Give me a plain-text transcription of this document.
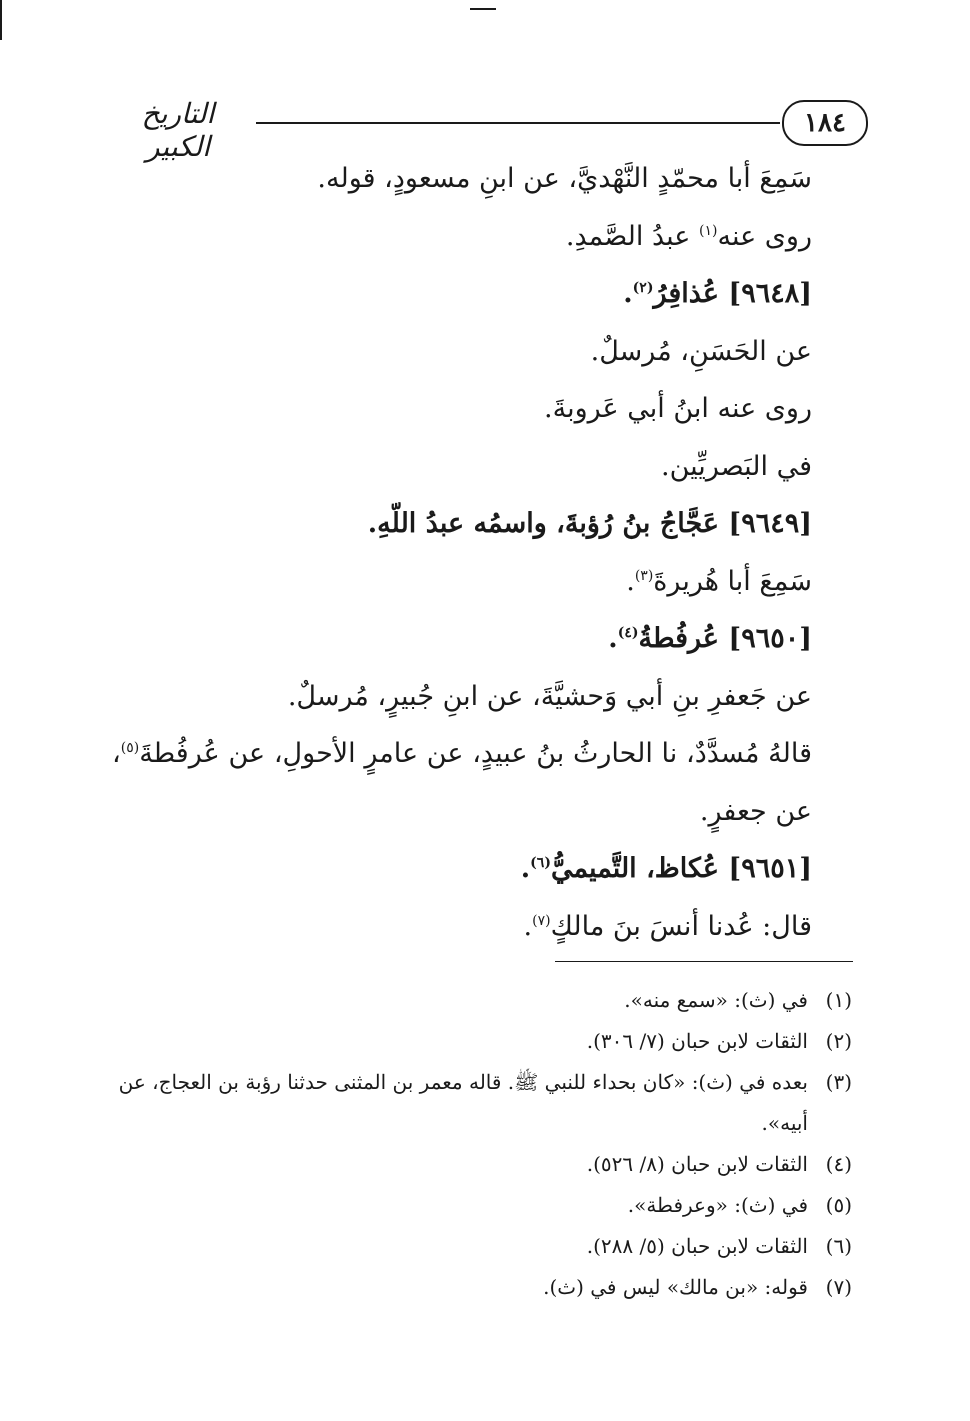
١٨٤
التاريخ الكبير
سَمِعَ أبا محمّدٍ النَّهْديَّ، عن ابنِ مسعودٍ، قوله.
روى عنه$^{(١)}$ عبدُ الصَّمدِ.
[٩٦٤٨] عُذافِرُ$^{(٢)}$.
عن الحَسَنِ، مُرسلٌ.
روى عنه ابنُ أبي عَروبةَ.
في البَصريِّين.
[٩٦٤٩] عَجَّاجُ بنُ رُؤبةَ، واسمُه عبدُ اللّهِ.
سَمِعَ أبا هُريرةَ$^{(٣)}$.
[٩٦٥٠] عُرفُطةُ$^{(٤)}$.
عن جَعفرِ بنِ أبي وَحشيَّةَ، عن ابنِ جُبيرٍ، مُرسلٌ.
قالهُ مُسدَّدٌ، نا الحارثُ بنُ عبيدٍ، عن عامرٍ الأحولِ، عن عُرفُطةَ$^{(٥)}$، عن جعفرٍ.
[٩٦٥١] عُكاظ، التَّميميُّ$^{(٦)}$.
قال: عُدنا أنسَ بنَ مالكٍ$^{(٧)}$.
(١)
في (ث): «سمع منه».
(٢)
الثقات لابن حبان (٧/ ٣٠٦).
(٣)
بعده في (ث): «كان بحداء للنبي ﷺ. قاله معمر بن المثنى حدثنا رؤبة بن العجاج، عن أبيه».
(٤)
الثقات لابن حبان (٨/ ٥٢٦).
(٥)
في (ث): «وعرفطة».
(٦)
الثقات لابن حبان (٥/ ٢٨٨).
(٧)
قوله: «بن مالك» ليس في (ث).
